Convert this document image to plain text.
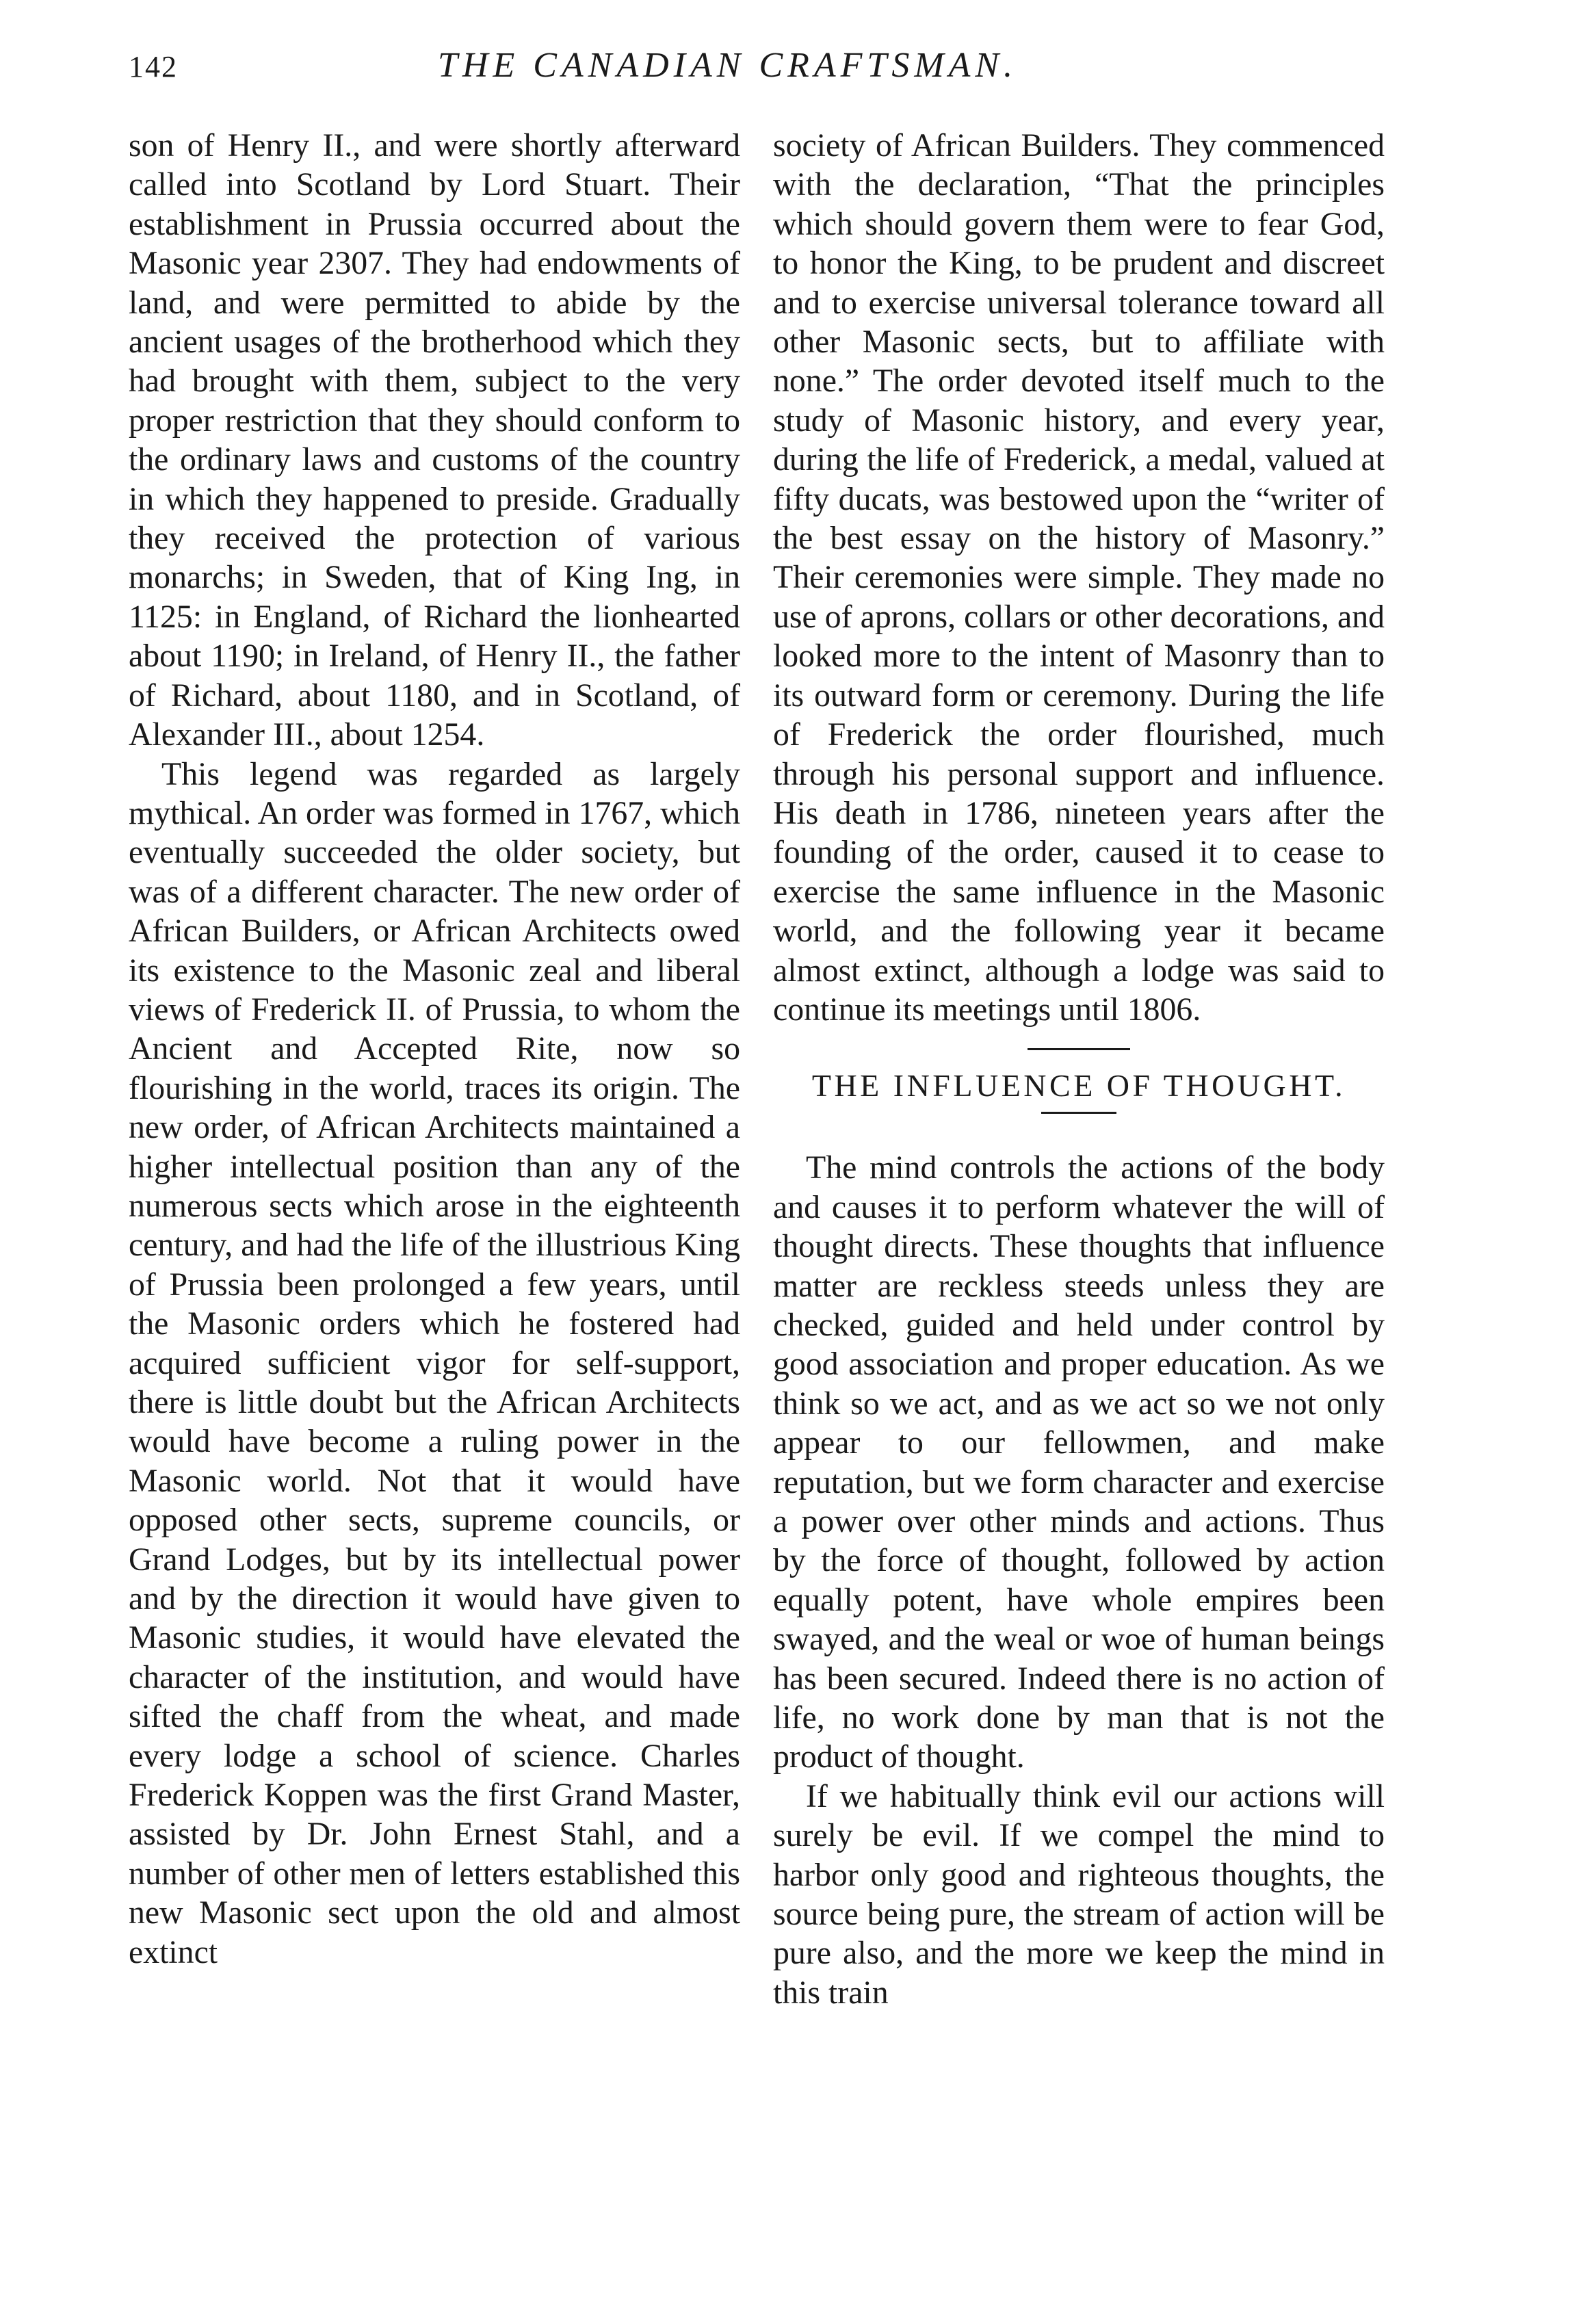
142	THE CANADIAN CRAFTSMAN.

son of Henry II., and were shortly afterward called into Scotland by Lord Stuart. Their establishment in Prussia occurred about the Masonic year 2307. They had endowments of land, and were permitted to abide by the ancient usages of the brotherhood which they had brought with them, subject to the very proper restriction that they should conform to the ordinary laws and customs of the country in which they happened to preside. Gradually they received the protection of various monarchs; in Sweden, that of King Ing, in 1125: in England, of Richard the lionhearted about 1190; in Ireland, of Henry II., the father of Richard, about 1180, and in Scotland, of Alexander III., about 1254.

This legend was regarded as largely mythical. An order was formed in 1767, which eventually succeeded the older society, but was of a different character. The new order of African Builders, or African Architects owed its existence to the Masonic zeal and liberal views of Frederick II. of Prussia, to whom the Ancient and Accepted Rite, now so flourishing in the world, traces its origin. The new order, of African Architects maintained a higher intellectual position than any of the numerous sects which arose in the eighteenth century, and had the life of the illustrious King of Prussia been prolonged a few years, until the Masonic orders which he fostered had acquired sufficient vigor for self-support, there is little doubt but the African Architects would have become a ruling power in the Masonic world. Not that it would have opposed other sects, supreme councils, or Grand Lodges, but by its intellectual power and by the direction it would have given to Masonic studies, it would have elevated the character of the institution, and would have sifted the chaff from the wheat, and made every lodge a school of science. Charles Frederick Koppen was the first Grand Master, assisted by Dr. John Ernest Stahl, and a number of other men of letters established this new Masonic sect upon the old and almost extinct

society of African Builders. They commenced with the declaration, “That the principles which should govern them were to fear God, to honor the King, to be prudent and discreet and to exercise universal tolerance toward all other Masonic sects, but to affiliate with none.” The order devoted itself much to the study of Masonic history, and every year, during the life of Frederick, a medal, valued at fifty ducats, was bestowed upon the “writer of the best essay on the history of Masonry.” Their ceremonies were simple. They made no use of aprons, collars or other decorations, and looked more to the intent of Masonry than to its outward form or ceremony. During the life of Frederick the order flourished, much through his personal support and influence. His death in 1786, nineteen years after the founding of the order, caused it to cease to exercise the same influence in the Masonic world, and the following year it became almost extinct, although a lodge was said to continue its meetings until 1806.

THE INFLUENCE OF THOUGHT.

The mind controls the actions of the body and causes it to perform whatever the will of thought directs. These thoughts that influence matter are reckless steeds unless they are checked, guided and held under control by good association and proper education. As we think so we act, and as we act so we not only appear to our fellowmen, and make reputation, but we form character and exercise a power over other minds and actions. Thus by the force of thought, followed by action equally potent, have whole empires been swayed, and the weal or woe of human beings has been secured. Indeed there is no action of life, no work done by man that is not the product of thought.

If we habitually think evil our actions will surely be evil. If we compel the mind to harbor only good and righteous thoughts, the source being pure, the stream of action will be pure also, and the more we keep the mind in this train
